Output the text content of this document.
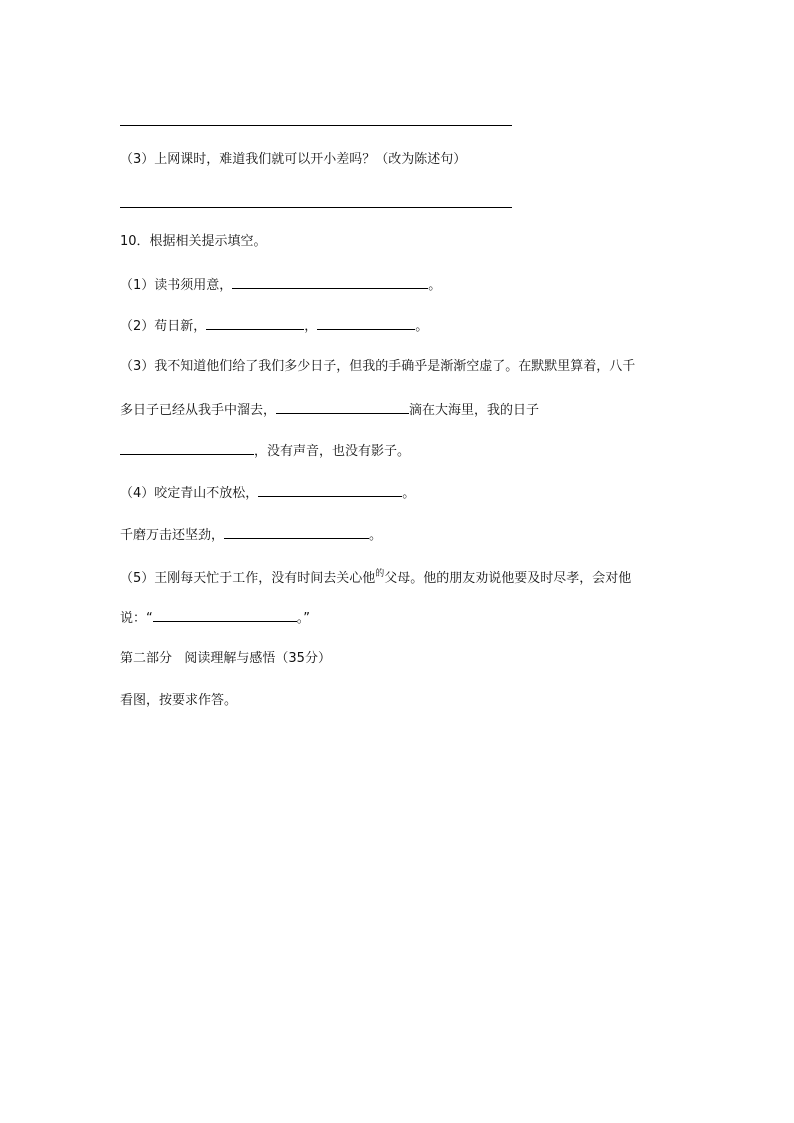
（3）上网课时，难道我们就可以开小差吗？（改为陈述句）
10．根据相关提示填空。
（1）读书须用意，	。
（2）苟日新，	，	。
（3）我不知道他们给了我们多少日子，但我的手确乎是渐渐空虚了。在默默里算着，八千
多日子已经从我手中溜去，	滴在大海里，我的日子
，没有声音，也没有影子。
（4）咬定青山不放松，	。
千磨万击还坚劲，	。
（5）王刚每天忙于工作，没有时间去关心他$^的$父母。他的朋友劝说他要及时尽孝，会对他
说：“	。”
第二部分   阅读理解与感悟（35分）
看图，按要求作答。
